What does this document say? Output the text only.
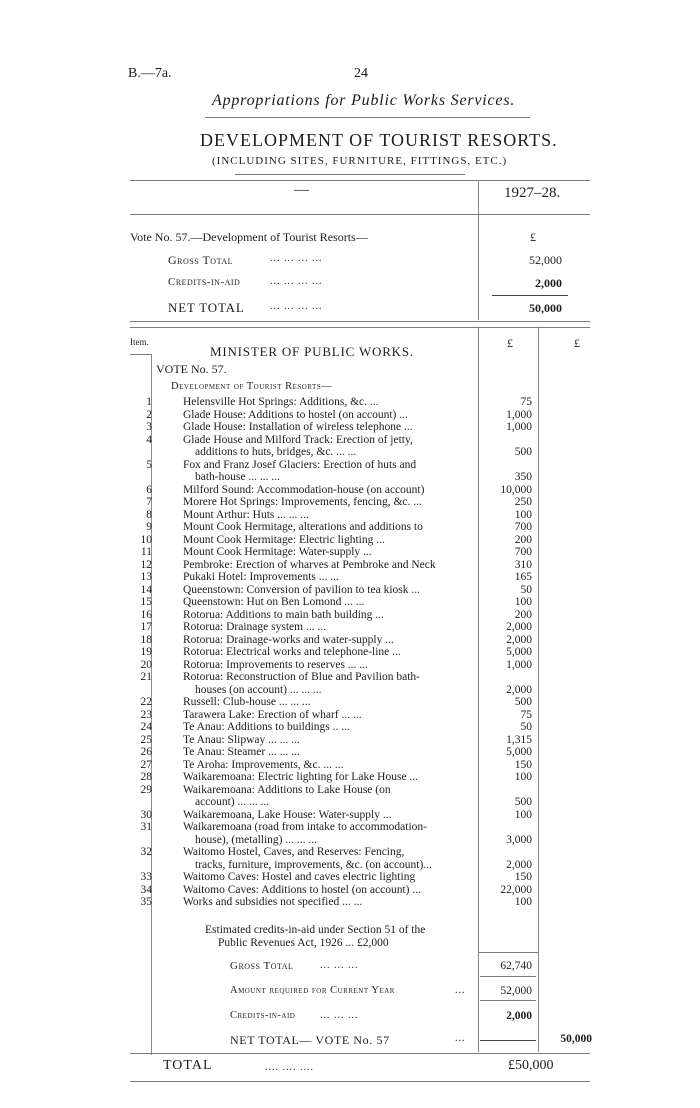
B.—7a.	24
Appropriations for Public Works Services.
DEVELOPMENT OF TOURIST RESORTS.
(INCLUDING SITES, FURNITURE, FITTINGS, ETC.)
—	1927–28.
Vote No. 57.—Development of Tourist Resorts—	£
Gross Total	... ... ... ...	52,000
Credits-in-aid	... ... ... ...	2,000
NET TOTAL	... ... ... ...	50,000
Item.
MINISTER OF PUBLIC WORKS.
£	£
VOTE No. 57.
Development of Tourist Resorts—
1	Helensville Hot Springs: Additions, &c. ...	75
2	Glade House: Additions to hostel (on account) ...	1,000
3	Glade House: Installation of wireless telephone ...	1,000
4	Glade House and Milford Track: Erection of jetty,
additions to huts, bridges, &c. ... ...	500
5	Fox and Franz Josef Glaciers: Erection of huts and
bath-house ... ... ...	350
6	Milford Sound: Accommodation-house (on account)	10,000
7	Morere Hot Springs: Improvements, fencing, &c. ...	250
8	Mount Arthur: Huts ... ... ...	100
9	Mount Cook Hermitage, alterations and additions to	700
10	Mount Cook Hermitage: Electric lighting ...	200
11	Mount Cook Hermitage: Water-supply ...	700
12	Pembroke: Erection of wharves at Pembroke and Neck	310
13	Pukaki Hotel: Improvements ... ...	165
14	Queenstown: Conversion of pavilion to tea kiosk ...	50
15	Queenstown: Hut on Ben Lomond ... ...	100
16	Rotorua: Additions to main bath building ...	200
17	Rotorua: Drainage system ... ...	2,000
18	Rotorua: Drainage-works and water-supply ...	2,000
19	Rotorua: Electrical works and telephone-line ...	5,000
20	Rotorua: Improvements to reserves ... ...	1,000
21	Rotorua: Reconstruction of Blue and Pavilion bath-
houses (on account) ... ... ...	2,000
22	Russell: Club-house ... ... ...	500
23	Tarawera Lake: Erection of wharf ... ...	75
24	Te Anau: Additions to buildings .. ...	50
25	Te Anau: Slipway ... ... ...	1,315
26	Te Anau: Steamer ... ... ...	5,000
27	Te Aroha: Improvements, &c. ... ...	150
28	Waikaremoana: Electric lighting for Lake House ...	100
29	Waikaremoana: Additions to Lake House (on
account) ... ... ...	500
30	Waikaremoana, Lake House: Water-supply ...	100
31	Waikaremoana (road from intake to accommodation-
house), (metalling) ... ... ...	3,000
32	Waitomo Hostel, Caves, and Reserves: Fencing,
tracks, furniture, improvements, &c. (on account)...	2,000
33	Waitomo Caves: Hostel and caves electric lighting	150
34	Waitomo Caves: Additions to hostel (on account) ...	22,000
35	Works and subsidies not specified ... ...	100
Estimated credits-in-aid under Section 51 of the
Public Revenues Act, 1926 ... £2,000
Gross Total	... ... ...	62,740
Amount required for Current Year	...	52,000
Credits-in-aid ... ... ...	2,000
NET TOTAL— VOTE No. 57	...	50,000
TOTAL	.... .... ....	£50,000
